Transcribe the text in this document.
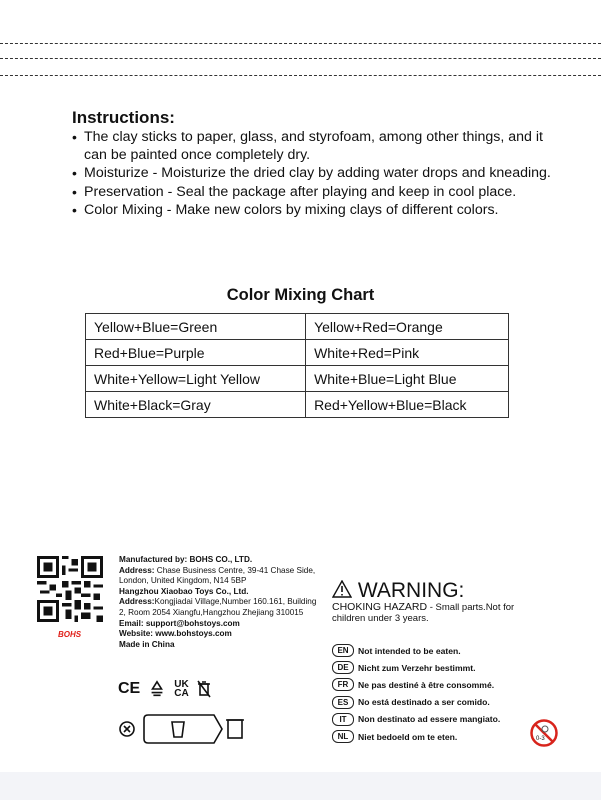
Instructions:
• The clay sticks to paper, glass, and styrofoam, among other things, and it can be painted once completely dry.
• Moisturize - Moisturize the dried clay by adding water drops and kneading.
• Preservation - Seal the package after playing and keep in cool place.
• Color Mixing - Make new colors by mixing clays of different colors.
Color Mixing Chart
Yellow+Blue=Green	Yellow+Red=Orange
Red+Blue=Purple	White+Red=Pink
White+Yellow=Light Yellow	White+Blue=Light Blue
White+Black=Gray	Red+Yellow+Blue=Black
BOHS
Manufactured by: BOHS CO., LTD.
Address: Chase Business Centre, 39-41 Chase Side, London, United Kingdom, N14 5BP
Hangzhou Xiaobao Toys Co., Ltd.
Address:Kongjiadai Village,Number 160.161, Building 2, Room 2054 Xiangfu,Hangzhou Zhejiang 310015
Email: support@bohstoys.com
Website: www.bohstoys.com
Made in China
CE	UK
CA
WARNING:
CHOKING HAZARD - Small parts.Not for children under 3 years.
EN	Not intended to be eaten.
DE	Nicht zum Verzehr bestimmt.
FR	Ne pas destiné à être consommé.
ES	No está destinado a ser comido.
IT	Non destinato ad essere mangiato.
NL	Niet bedoeld om te eten.	0-3
